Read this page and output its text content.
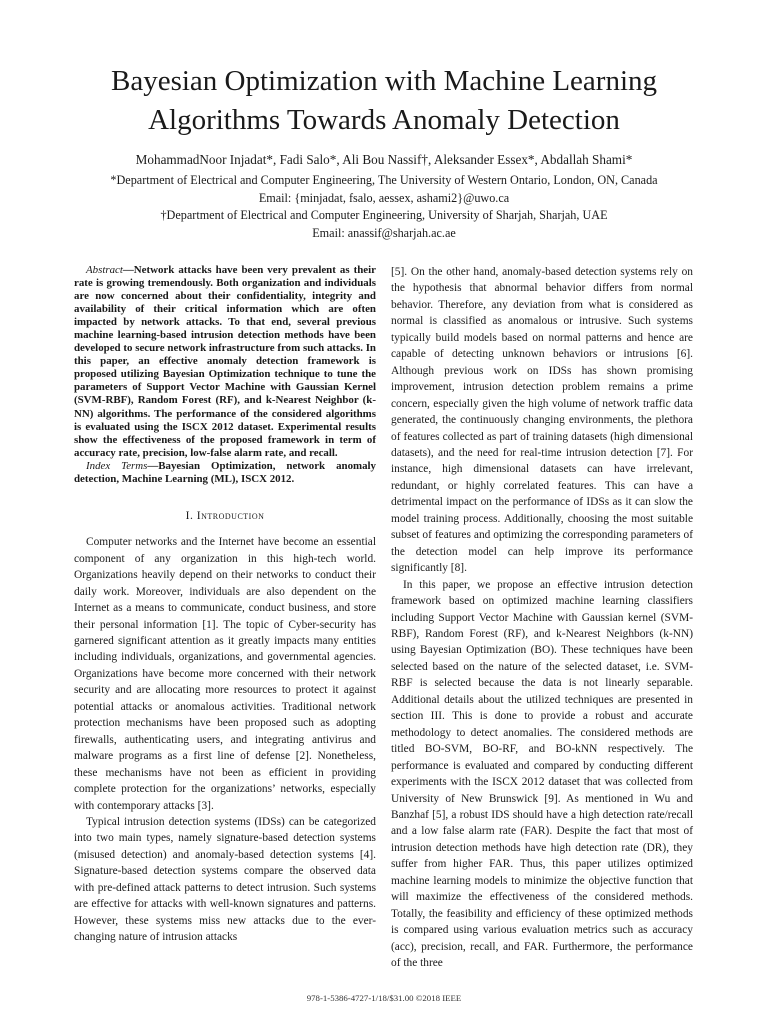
Bayesian Optimization with Machine Learning
Algorithms Towards Anomaly Detection
MohammadNoor Injadat*, Fadi Salo*, Ali Bou Nassif†, Aleksander Essex*, Abdallah Shami*
*Department of Electrical and Computer Engineering, The University of Western Ontario, London, ON, Canada
Email: {minjadat, fsalo, aessex, ashami2}@uwo.ca
†Department of Electrical and Computer Engineering, University of Sharjah, Sharjah, UAE
Email: anassif@sharjah.ac.ae

Abstract—Network attacks have been very prevalent as their rate is growing tremendously. Both organization and individuals are now concerned about their confidentiality, integrity and availability of their critical information which are often impacted by network attacks. To that end, several previous machine learning-based intrusion detection methods have been developed to secure network infrastructure from such attacks. In this paper, an effective anomaly detection framework is proposed utilizing Bayesian Optimization technique to tune the parameters of Support Vector Machine with Gaussian Kernel (SVM-RBF), Random Forest (RF), and k-Nearest Neighbor (k-NN) algorithms. The performance of the considered algorithms is evaluated using the ISCX 2012 dataset. Experimental results show the effectiveness of the proposed framework in term of accuracy rate, precision, low-false alarm rate, and recall.

Index Terms—Bayesian Optimization, network anomaly detection, Machine Learning (ML), ISCX 2012.

I. Introduction

Computer networks and the Internet have become an essential component of any organization in this high-tech world. Organizations heavily depend on their networks to conduct their daily work. Moreover, individuals are also dependent on the Internet as a means to communicate, conduct business, and store their personal information [1]. The topic of Cyber-security has garnered significant attention as it greatly impacts many entities including individuals, organizations, and governmental agencies. Organizations have become more concerned with their network security and are allocating more resources to protect it against potential attacks or anomalous activities. Traditional network protection mechanisms have been proposed such as adopting firewalls, authenticating users, and integrating antivirus and malware programs as a first line of defense [2]. Nonetheless, these mechanisms have not been as efficient in providing complete protection for the organizations’ networks, especially with contemporary attacks [3].

Typical intrusion detection systems (IDSs) can be categorized into two main types, namely signature-based detection systems (misused detection) and anomaly-based detection systems [4]. Signature-based detection systems compare the observed data with pre-defined attack patterns to detect intrusion. Such systems are effective for attacks with well-known signatures and patterns. However, these systems miss new attacks due to the ever-changing nature of intrusion attacks

[5]. On the other hand, anomaly-based detection systems rely on the hypothesis that abnormal behavior differs from normal behavior. Therefore, any deviation from what is considered as normal is classified as anomalous or intrusive. Such systems typically build models based on normal patterns and hence are capable of detecting unknown behaviors or intrusions [6]. Although previous work on IDSs has shown promising improvement, intrusion detection problem remains a prime concern, especially given the high volume of network traffic data generated, the continuously changing environments, the plethora of features collected as part of training datasets (high dimensional datasets), and the need for real-time intrusion detection [7]. For instance, high dimensional datasets can have irrelevant, redundant, or highly correlated features. This can have a detrimental impact on the performance of IDSs as it can slow the model training process. Additionally, choosing the most suitable subset of features and optimizing the corresponding parameters of the detection model can help improve its performance significantly [8].

In this paper, we propose an effective intrusion detection framework based on optimized machine learning classifiers including Support Vector Machine with Gaussian kernel (SVM-RBF), Random Forest (RF), and k-Nearest Neighbors (k-NN) using Bayesian Optimization (BO). These techniques have been selected based on the nature of the selected dataset, i.e. SVM-RBF is selected because the data is not linearly separable. Additional details about the utilized techniques are presented in section III. This is done to provide a robust and accurate methodology to detect anomalies. The considered methods are titled BO-SVM, BO-RF, and BO-kNN respectively. The performance is evaluated and compared by conducting different experiments with the ISCX 2012 dataset that was collected from University of New Brunswick [9]. As mentioned in Wu and Banzhaf [5], a robust IDS should have a high detection rate/recall and a low false alarm rate (FAR). Despite the fact that most of intrusion detection methods have high detection rate (DR), they suffer from higher FAR. Thus, this paper utilizes optimized machine learning models to minimize the objective function that will maximize the effectiveness of the considered methods. Totally, the feasibility and efficiency of these optimized methods is compared using various evaluation metrics such as accuracy (acc), precision, recall, and FAR. Furthermore, the performance of the three

978-1-5386-4727-1/18/$31.00 ©2018 IEEE
